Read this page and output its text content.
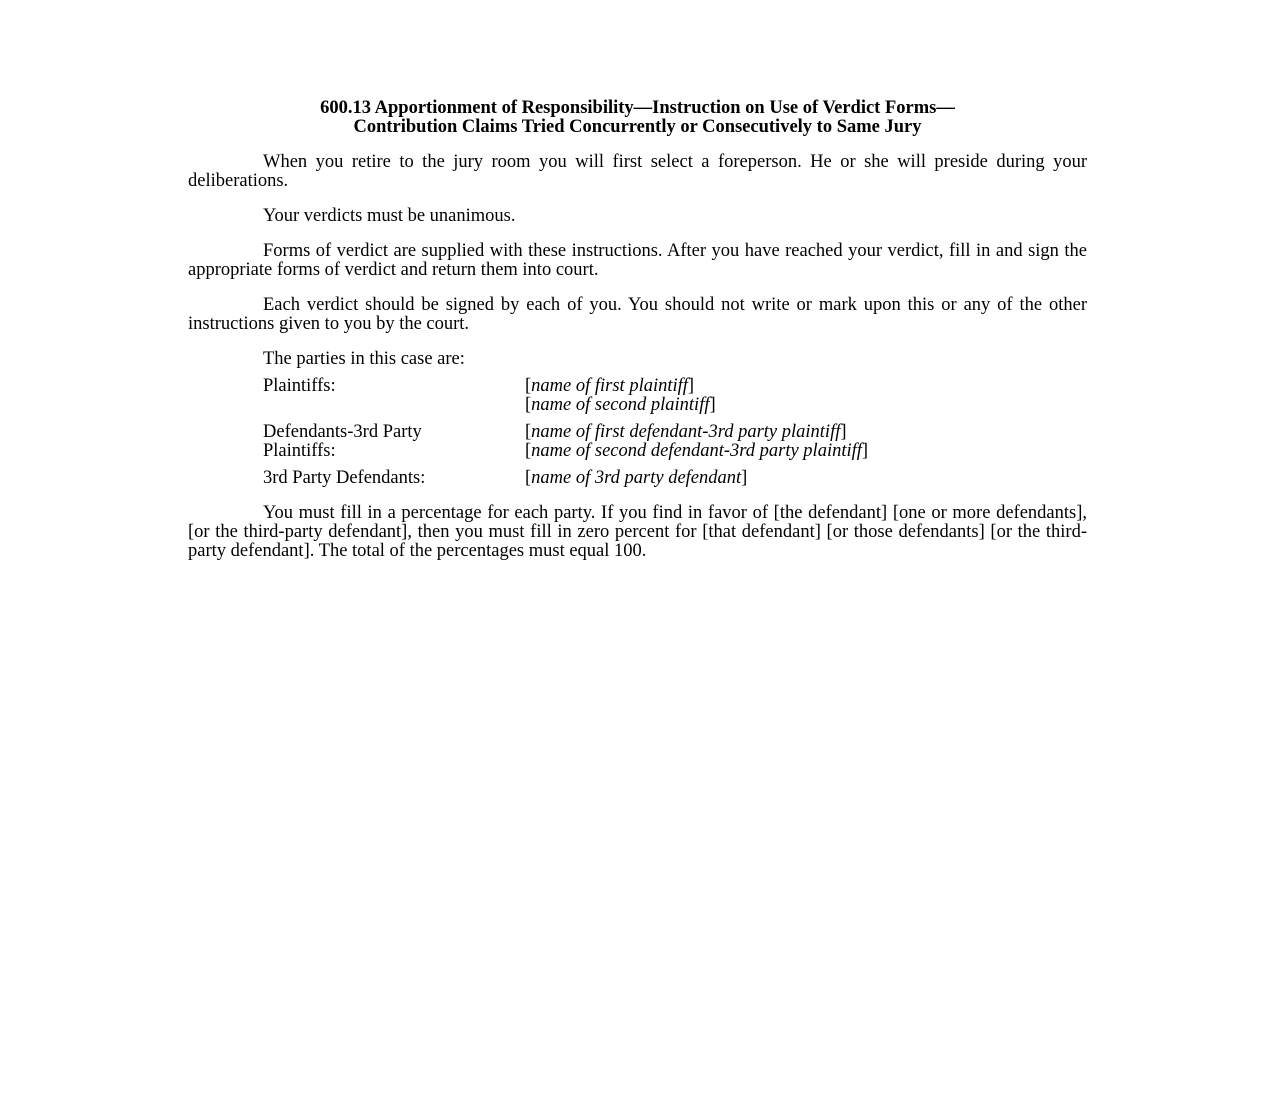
600.13 Apportionment of Responsibility—Instruction on Use of Verdict Forms—
Contribution Claims Tried Concurrently or Consecutively to Same Jury

When you retire to the jury room you will first select a foreperson. He or she will preside during your deliberations.

Your verdicts must be unanimous.

Forms of verdict are supplied with these instructions. After you have reached your verdict, fill in and sign the appropriate forms of verdict and return them into court.

Each verdict should be signed by each of you. You should not write or mark upon this or any of the other instructions given to you by the court.

The parties in this case are:

Plaintiffs:	[name of first plaintiff]
[name of second plaintiff]
Defendants-3rd Party
Plaintiffs:
[name of first defendant-3rd party plaintiff]
[name of second defendant-3rd party plaintiff]
3rd Party Defendants:	[name of 3rd party defendant]

You must fill in a percentage for each party. If you find in favor of [the defendant] [one or more defendants], [or the third-party defendant], then you must fill in zero percent for [that defendant] [or those defendants] [or the third-party defendant]. The total of the percentages must equal 100.
